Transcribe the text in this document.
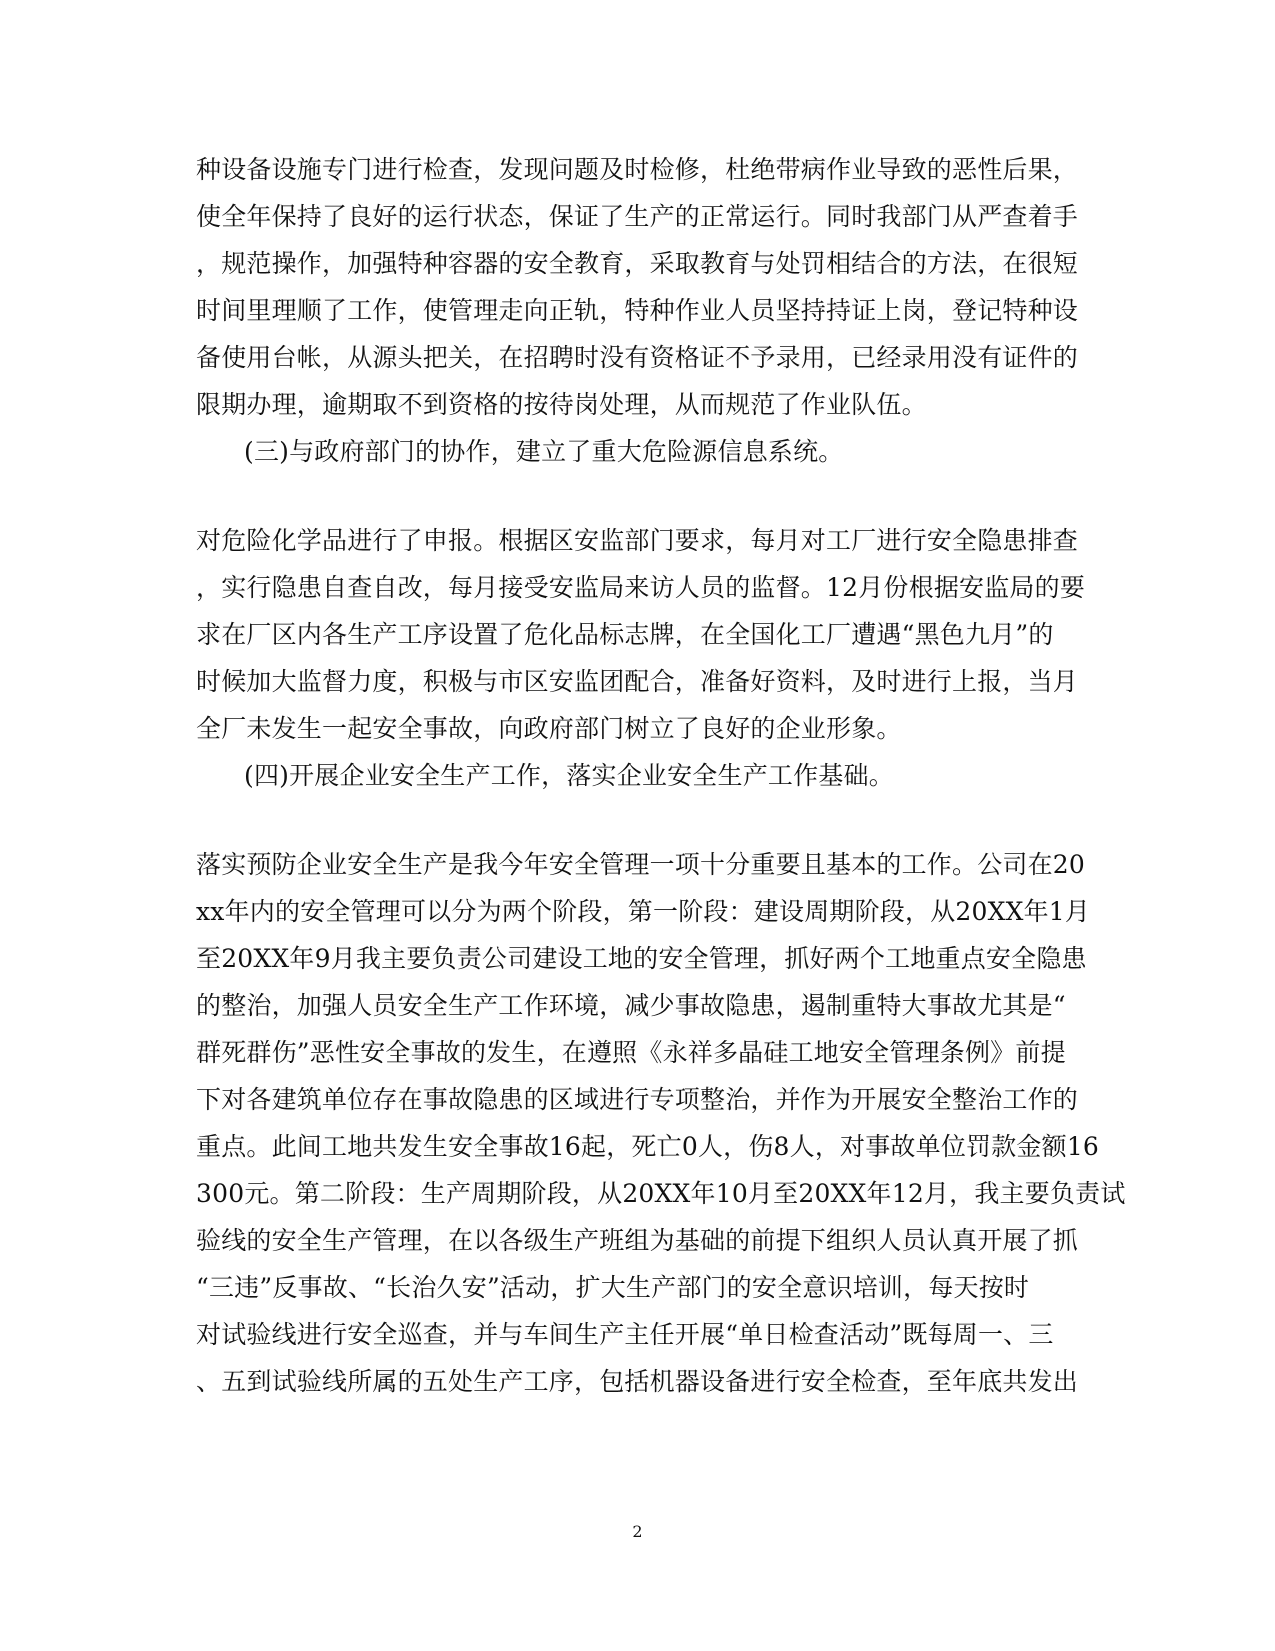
种设备设施专门进行检查，发现问题及时检修，杜绝带病作业导致的恶性后果，
使全年保持了良好的运行状态，保证了生产的正常运行。同时我部门从严查着手
，规范操作，加强特种容器的安全教育，采取教育与处罚相结合的方法，在很短
时间里理顺了工作，使管理走向正轨，特种作业人员坚持持证上岗，登记特种设
备使用台帐，从源头把关，在招聘时没有资格证不予录用，已经录用没有证件的
限期办理，逾期取不到资格的按待岗处理，从而规范了作业队伍。
(三)与政府部门的协作，建立了重大危险源信息系统。
对危险化学品进行了申报。根据区安监部门要求，每月对工厂进行安全隐患排查
，实行隐患自查自改，每月接受安监局来访人员的监督。12月份根据安监局的要
求在厂区内各生产工序设置了危化品标志牌，在全国化工厂遭遇“黑色九月”的
时候加大监督力度，积极与市区安监团配合，准备好资料，及时进行上报，当月
全厂未发生一起安全事故，向政府部门树立了良好的企业形象。
(四)开展企业安全生产工作，落实企业安全生产工作基础。
落实预防企业安全生产是我今年安全管理一项十分重要且基本的工作。公司在20
xx年内的安全管理可以分为两个阶段，第一阶段：建设周期阶段，从20XX年1月
至20XX年9月我主要负责公司建设工地的安全管理，抓好两个工地重点安全隐患
的整治，加强人员安全生产工作环境，减少事故隐患，遏制重特大事故尤其是“
群死群伤”恶性安全事故的发生，在遵照《永祥多晶硅工地安全管理条例》前提
下对各建筑单位存在事故隐患的区域进行专项整治，并作为开展安全整治工作的
重点。此间工地共发生安全事故16起，死亡0人，伤8人，对事故单位罚款金额16
300元。第二阶段：生产周期阶段，从20XX年10月至20XX年12月，我主要负责试
验线的安全生产管理，在以各级生产班组为基础的前提下组织人员认真开展了抓
“三违”反事故、“长治久安”活动，扩大生产部门的安全意识培训，每天按时
对试验线进行安全巡查，并与车间生产主任开展“单日检查活动”既每周一、三
、五到试验线所属的五处生产工序，包括机器设备进行安全检查，至年底共发出
2
